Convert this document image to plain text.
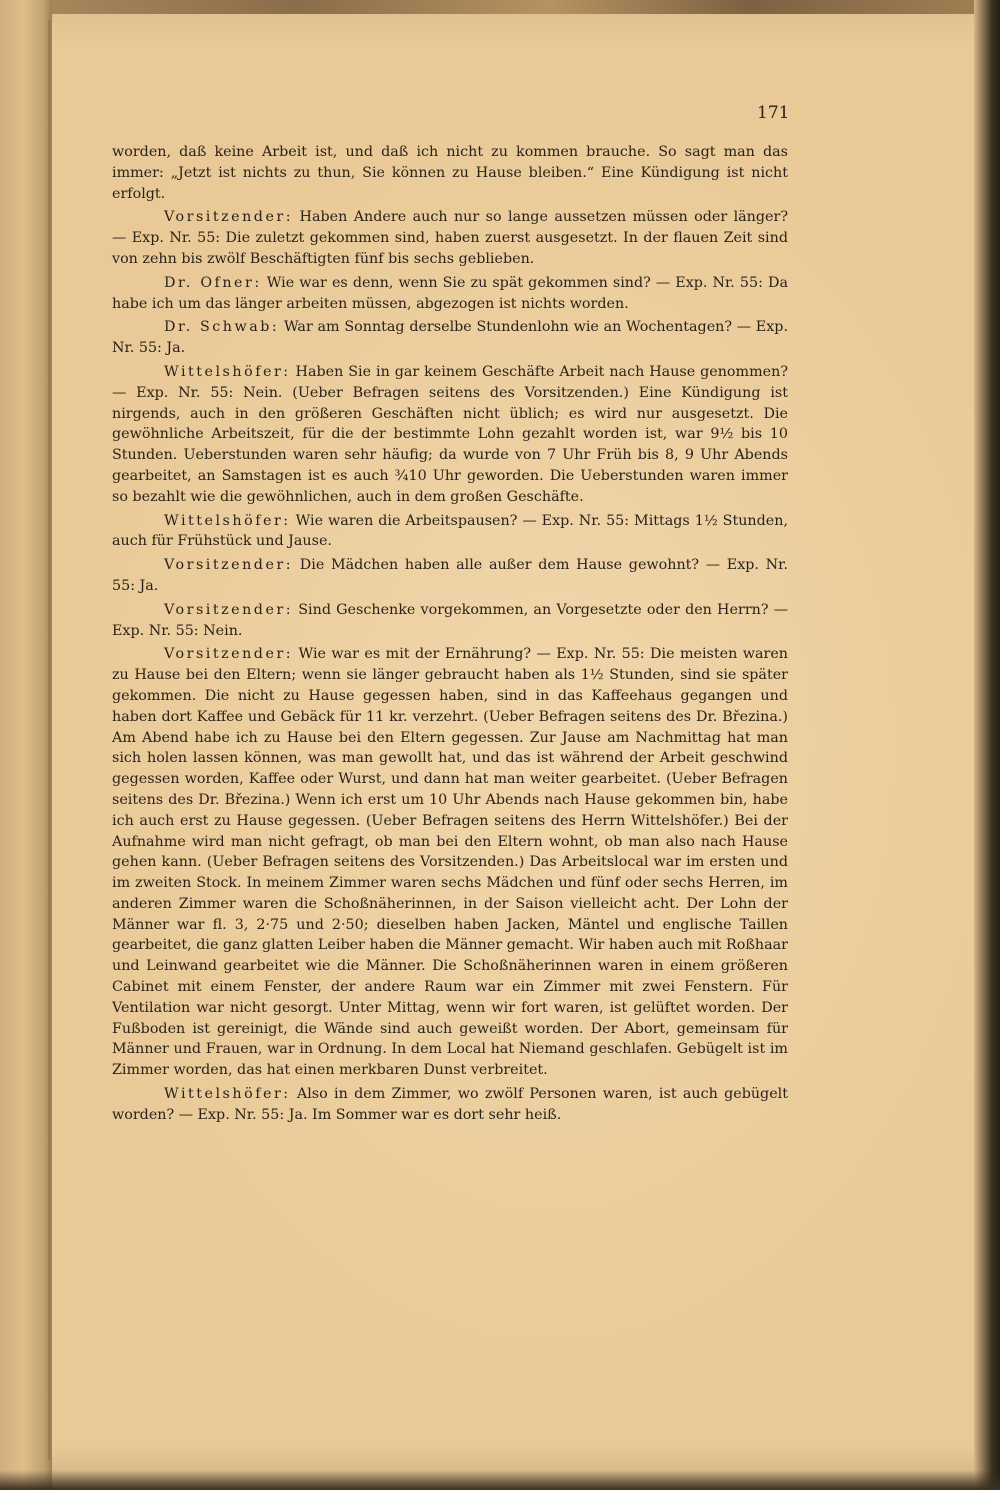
171

worden, daß keine Arbeit ist, und daß ich nicht zu kommen brauche. So sagt man das immer: „Jetzt ist nichts zu thun, Sie können zu Hause bleiben.“ Eine Kündigung ist nicht erfolgt.

Vorsitzender: Haben Andere auch nur so lange aussetzen müssen oder länger? — Exp. Nr. 55: Die zuletzt gekommen sind, haben zuerst ausgesetzt. In der flauen Zeit sind von zehn bis zwölf Beschäftigten fünf bis sechs geblieben.

Dr. Ofner: Wie war es denn, wenn Sie zu spät gekommen sind? — Exp. Nr. 55: Da habe ich um das länger arbeiten müssen, abgezogen ist nichts worden.

Dr. Schwab: War am Sonntag derselbe Stundenlohn wie an Wochentagen? — Exp. Nr. 55: Ja.

Wittelshöfer: Haben Sie in gar keinem Geschäfte Arbeit nach Hause genommen? — Exp. Nr. 55: Nein. (Ueber Befragen seitens des Vorsitzenden.) Eine Kündigung ist nirgends, auch in den größeren Geschäften nicht üblich; es wird nur ausgesetzt. Die gewöhnliche Arbeitszeit, für die der bestimmte Lohn gezahlt worden ist, war 9½ bis 10 Stunden. Ueberstunden waren sehr häufig; da wurde von 7 Uhr Früh bis 8, 9 Uhr Abends gearbeitet, an Samstagen ist es auch ¾10 Uhr geworden. Die Ueberstunden waren immer so bezahlt wie die gewöhnlichen, auch in dem großen Geschäfte.

Wittelshöfer: Wie waren die Arbeitspausen? — Exp. Nr. 55: Mittags 1½ Stunden, auch für Frühstück und Jause.

Vorsitzender: Die Mädchen haben alle außer dem Hause gewohnt? — Exp. Nr. 55: Ja.

Vorsitzender: Sind Geschenke vorgekommen, an Vorgesetzte oder den Herrn? — Exp. Nr. 55: Nein.

Vorsitzender: Wie war es mit der Ernährung? — Exp. Nr. 55: Die meisten waren zu Hause bei den Eltern; wenn sie länger gebraucht haben als 1½ Stunden, sind sie später gekommen. Die nicht zu Hause gegessen haben, sind in das Kaffeehaus gegangen und haben dort Kaffee und Gebäck für 11 kr. verzehrt. (Ueber Befragen seitens des Dr. Březina.) Am Abend habe ich zu Hause bei den Eltern gegessen. Zur Jause am Nachmittag hat man sich holen lassen können, was man gewollt hat, und das ist während der Arbeit geschwind gegessen worden, Kaffee oder Wurst, und dann hat man weiter gearbeitet. (Ueber Befragen seitens des Dr. Březina.) Wenn ich erst um 10 Uhr Abends nach Hause gekommen bin, habe ich auch erst zu Hause gegessen. (Ueber Befragen seitens des Herrn Wittelshöfer.) Bei der Aufnahme wird man nicht gefragt, ob man bei den Eltern wohnt, ob man also nach Hause gehen kann. (Ueber Befragen seitens des Vorsitzenden.) Das Arbeitslocal war im ersten und im zweiten Stock. In meinem Zimmer waren sechs Mädchen und fünf oder sechs Herren, im anderen Zimmer waren die Schoßnäherinnen, in der Saison vielleicht acht. Der Lohn der Männer war fl. 3, 2·75 und 2·50; dieselben haben Jacken, Mäntel und englische Taillen gearbeitet, die ganz glatten Leiber haben die Männer gemacht. Wir haben auch mit Roßhaar und Leinwand gearbeitet wie die Männer. Die Schoßnäherinnen waren in einem größeren Cabinet mit einem Fenster, der andere Raum war ein Zimmer mit zwei Fenstern. Für Ventilation war nicht gesorgt. Unter Mittag, wenn wir fort waren, ist gelüftet worden. Der Fußboden ist gereinigt, die Wände sind auch geweißt worden. Der Abort, gemeinsam für Männer und Frauen, war in Ordnung. In dem Local hat Niemand geschlafen. Gebügelt ist im Zimmer worden, das hat einen merkbaren Dunst verbreitet.

Wittelshöfer: Also in dem Zimmer, wo zwölf Personen waren, ist auch gebügelt worden? — Exp. Nr. 55: Ja. Im Sommer war es dort sehr heiß.
